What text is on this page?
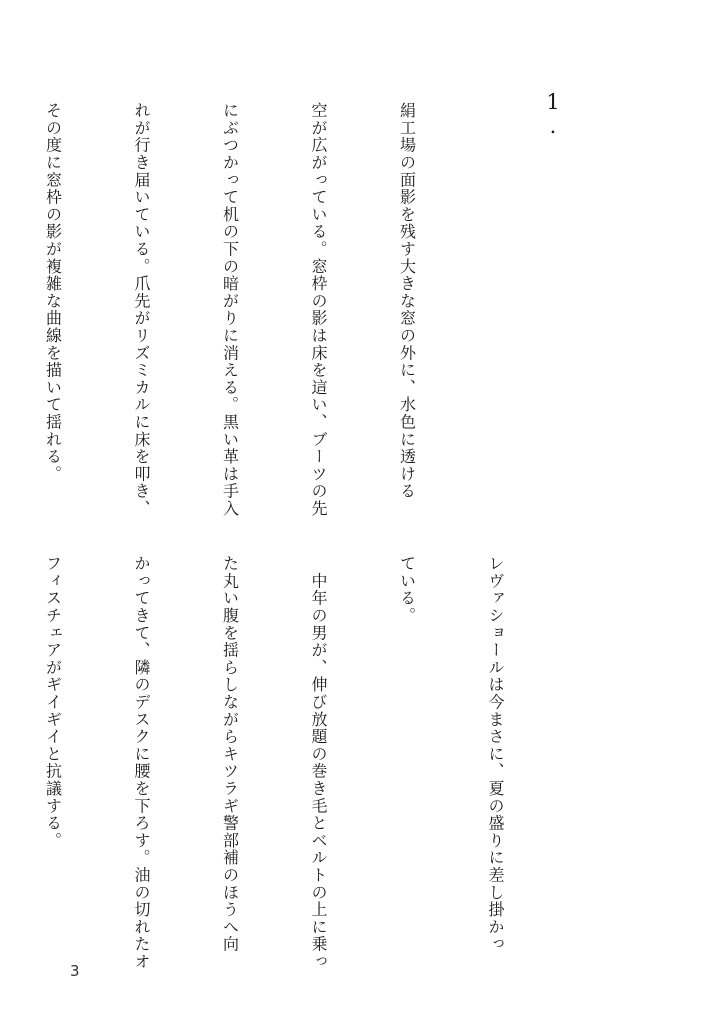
1.

絹工場の面影を残す大きな窓の外に、水色に透ける

空が広がっている。窓枠の影は床を這い、ブーツの先

にぶつかって机の下の暗がりに消える。黒い革は手入

れが行き届いている。爪先がリズミカルに床を叩き、

その度に窓枠の影が複雑な曲線を描いて揺れる。

レヴァショールは今まさに、夏の盛りに差し掛かっ

ている。

　中年の男が、伸び放題の巻き毛とベルトの上に乗っ

た丸い腹を揺らしながらキツラギ警部補のほうへ向

かってきて、隣のデスクに腰を下ろす。油の切れたオ

フィスチェアがギイギイと抗議する。

3
